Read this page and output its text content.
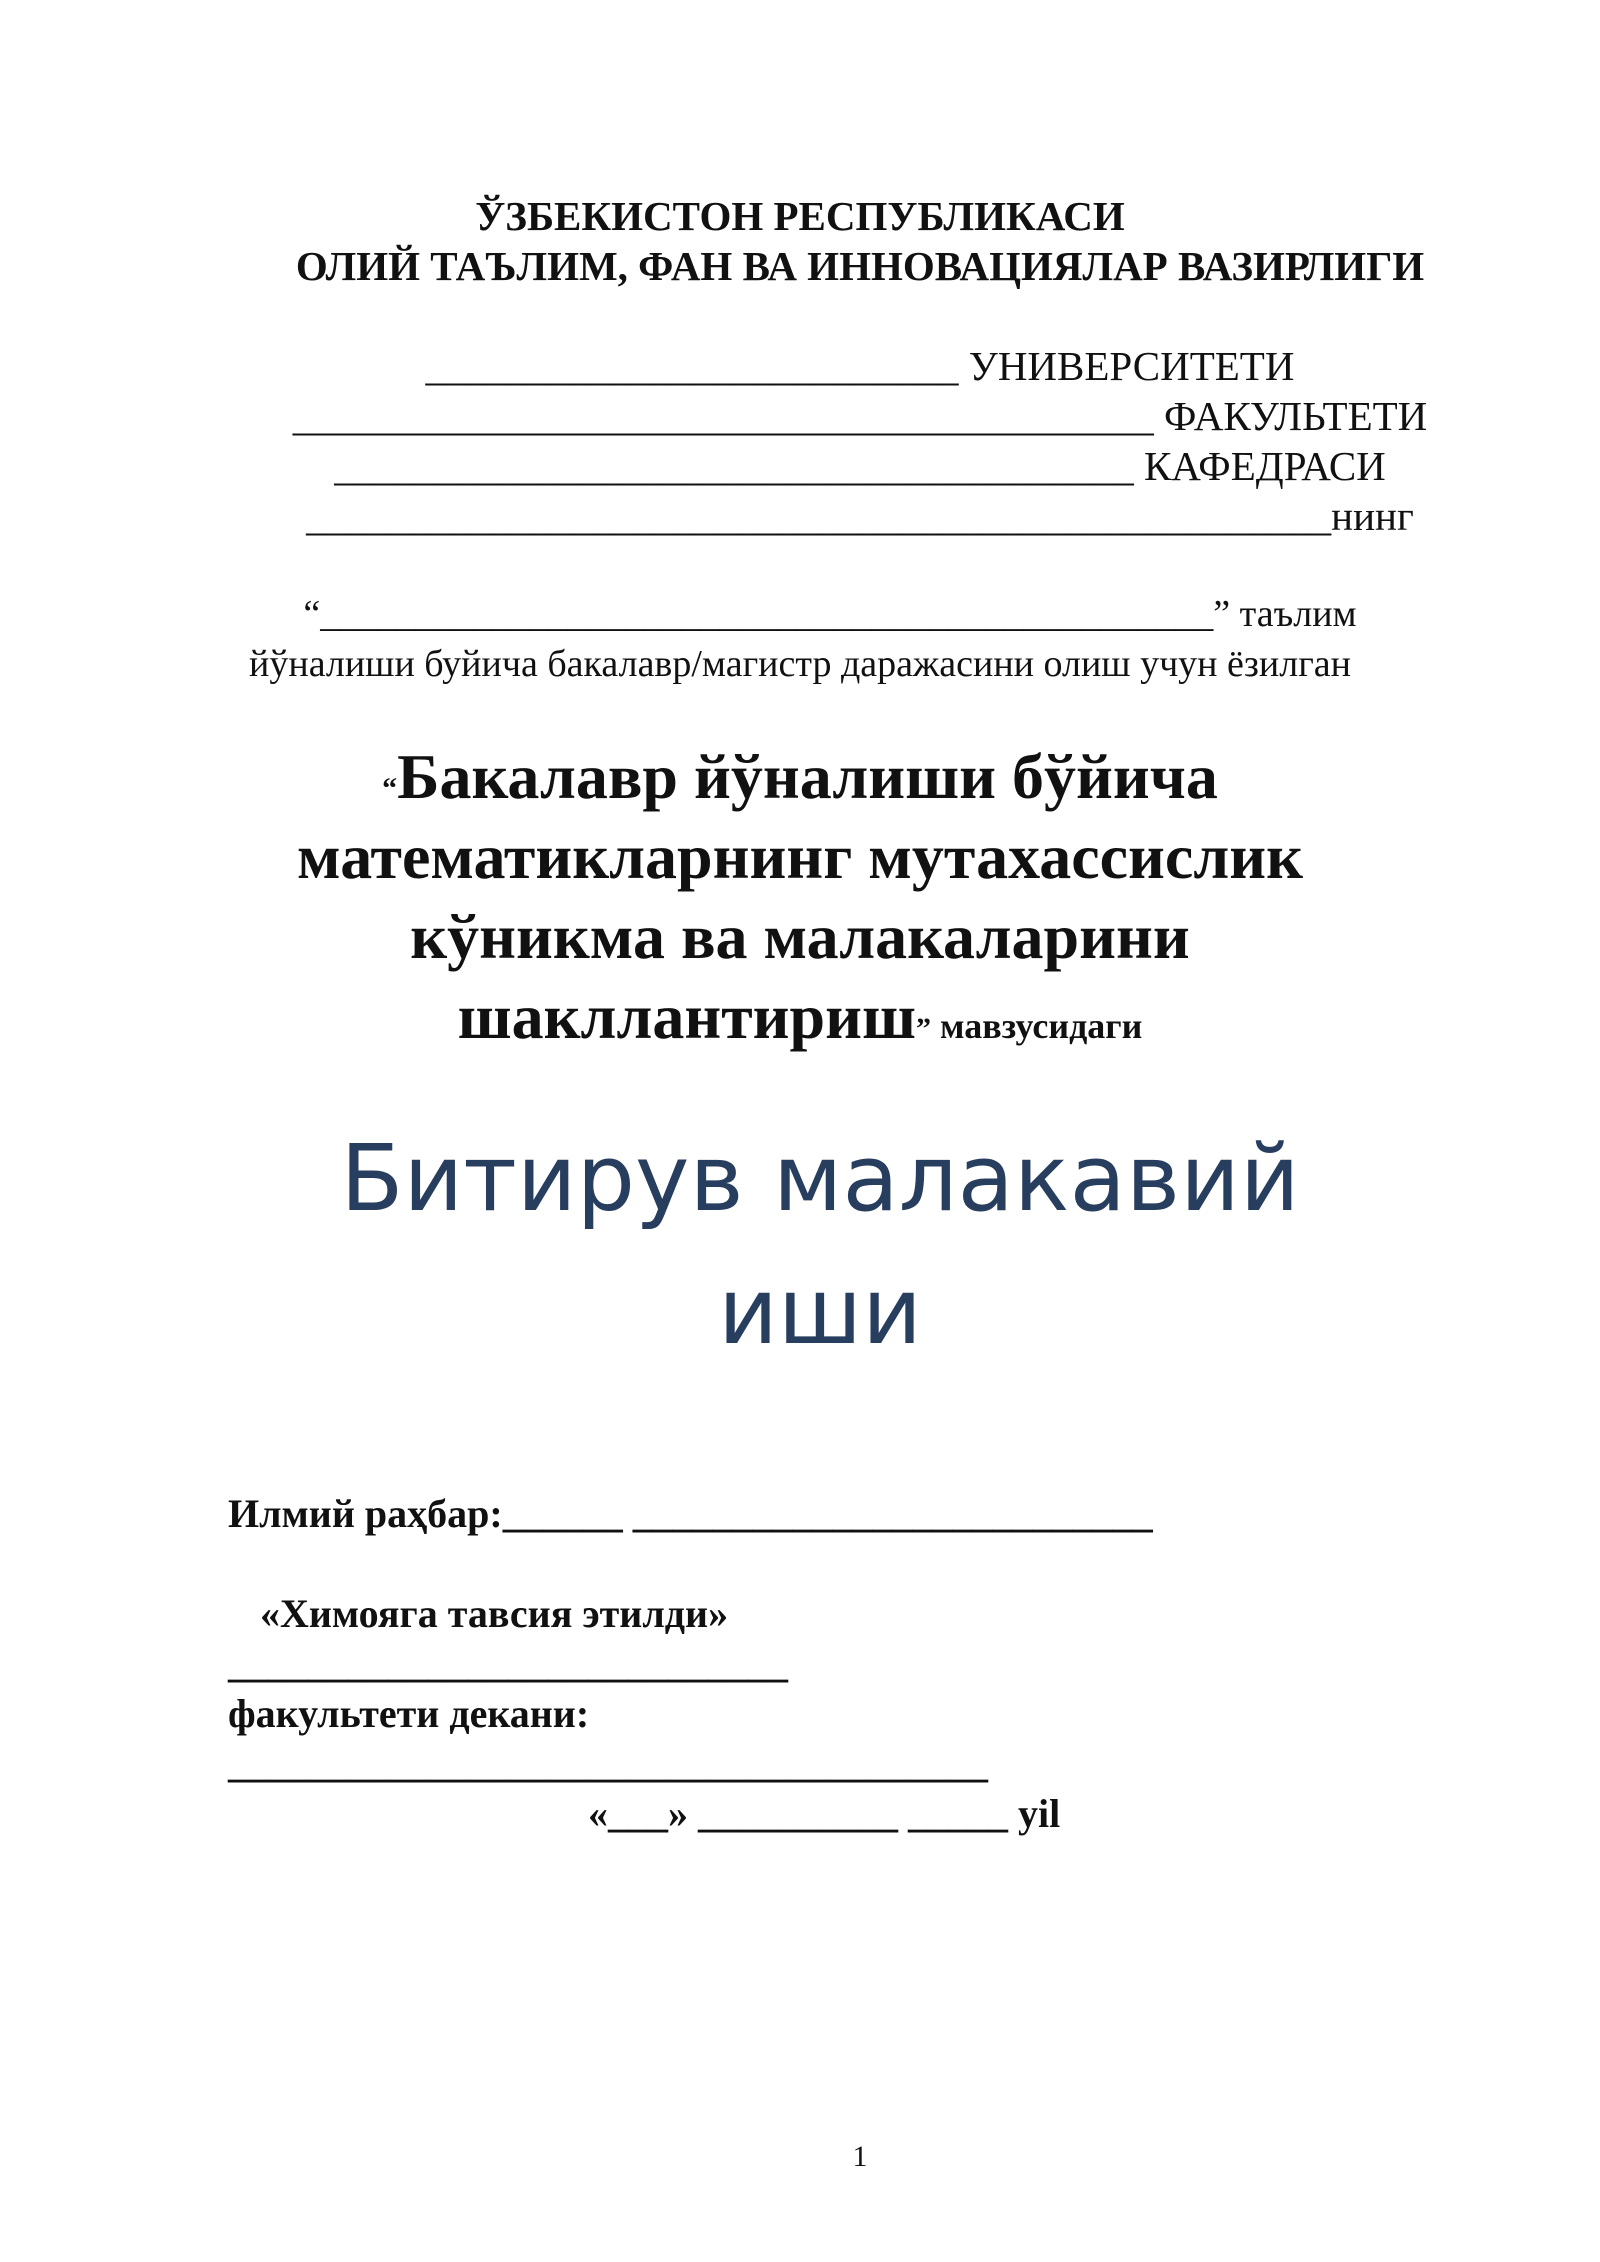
ЎЗБЕКИСТОН РЕСПУБЛИКАСИ
ОЛИЙ ТАЪЛИМ, ФАН ВА ИННОВАЦИЯЛАР ВАЗИРЛИГИ
__________________________ УНИВЕРСИТЕТИ
__________________________________________ ФАКУЛЬТЕТИ
_______________________________________ КАФЕДРАСИ
__________________________________________________нинг
“_______________________________________________” таълим
йўналиши буйича бакалавр/магистр даражасини олиш учун ёзилган
“Бакалавр йўналиши бўйича
математикларнинг мутахассислик
кўникма ва малакаларини
шакллантириш” мавзусидаги
Битирув малакавий
иши
Илмий раҳбар:______ __________________________
«Химояга тавсия этилди»
____________________________
факультети декани:
______________________________________
«___» __________ _____ yil
1
